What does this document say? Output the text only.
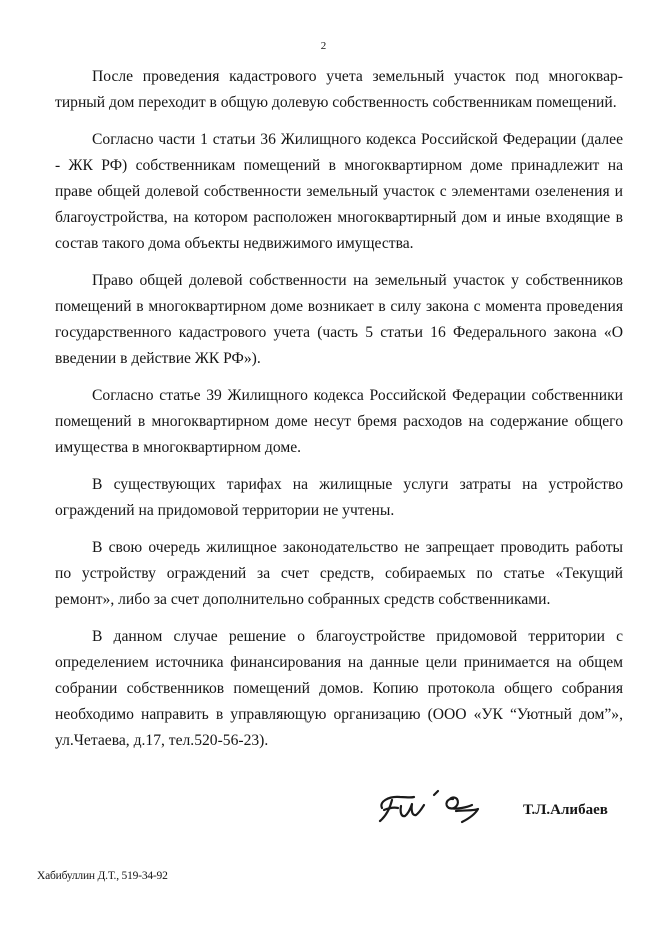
2

После проведения кадастрового учета земельный участок под многоквартирный дом переходит в общую долевую собственность собственникам помещений.

Согласно части 1 статьи 36 Жилищного кодекса Российской Федерации (далее - ЖК РФ) собственникам помещений в многоквартирном доме принадлежит на праве общей долевой собственности земельный участок с элементами озеленения и благоустройства, на котором расположен многоквартирный дом и иные входящие в состав такого дома объекты недвижимого имущества.

Право общей долевой собственности на земельный участок у собственников помещений в многоквартирном доме возникает в силу закона с момента проведения государственного кадастрового учета (часть 5 статьи 16 Федерального закона «О введении в действие ЖК РФ»).

Согласно статье 39 Жилищного кодекса Российской Федерации собственники помещений в многоквартирном доме несут бремя расходов на содержание общего имущества в многоквартирном доме.

В существующих тарифах на жилищные услуги затраты на устройство ограждений на придомовой территории не учтены.

В свою очередь жилищное законодательство не запрещает проводить работы по устройству ограждений за счет средств, собираемых по статье «Текущий ремонт», либо за счет дополнительно собранных средств собственниками.

В данном случае решение о благоустройстве придомовой территории с определением источника финансирования на данные цели принимается на общем собрании собственников помещений домов. Копию протокола общего собрания необходимо направить в управляющую организацию (ООО «УК “Уютный дом”», ул.Четаева, д.17, тел.520-56-23).

Т.Л.Алибаев
Хабибуллин Д.Т., 519-34-92
